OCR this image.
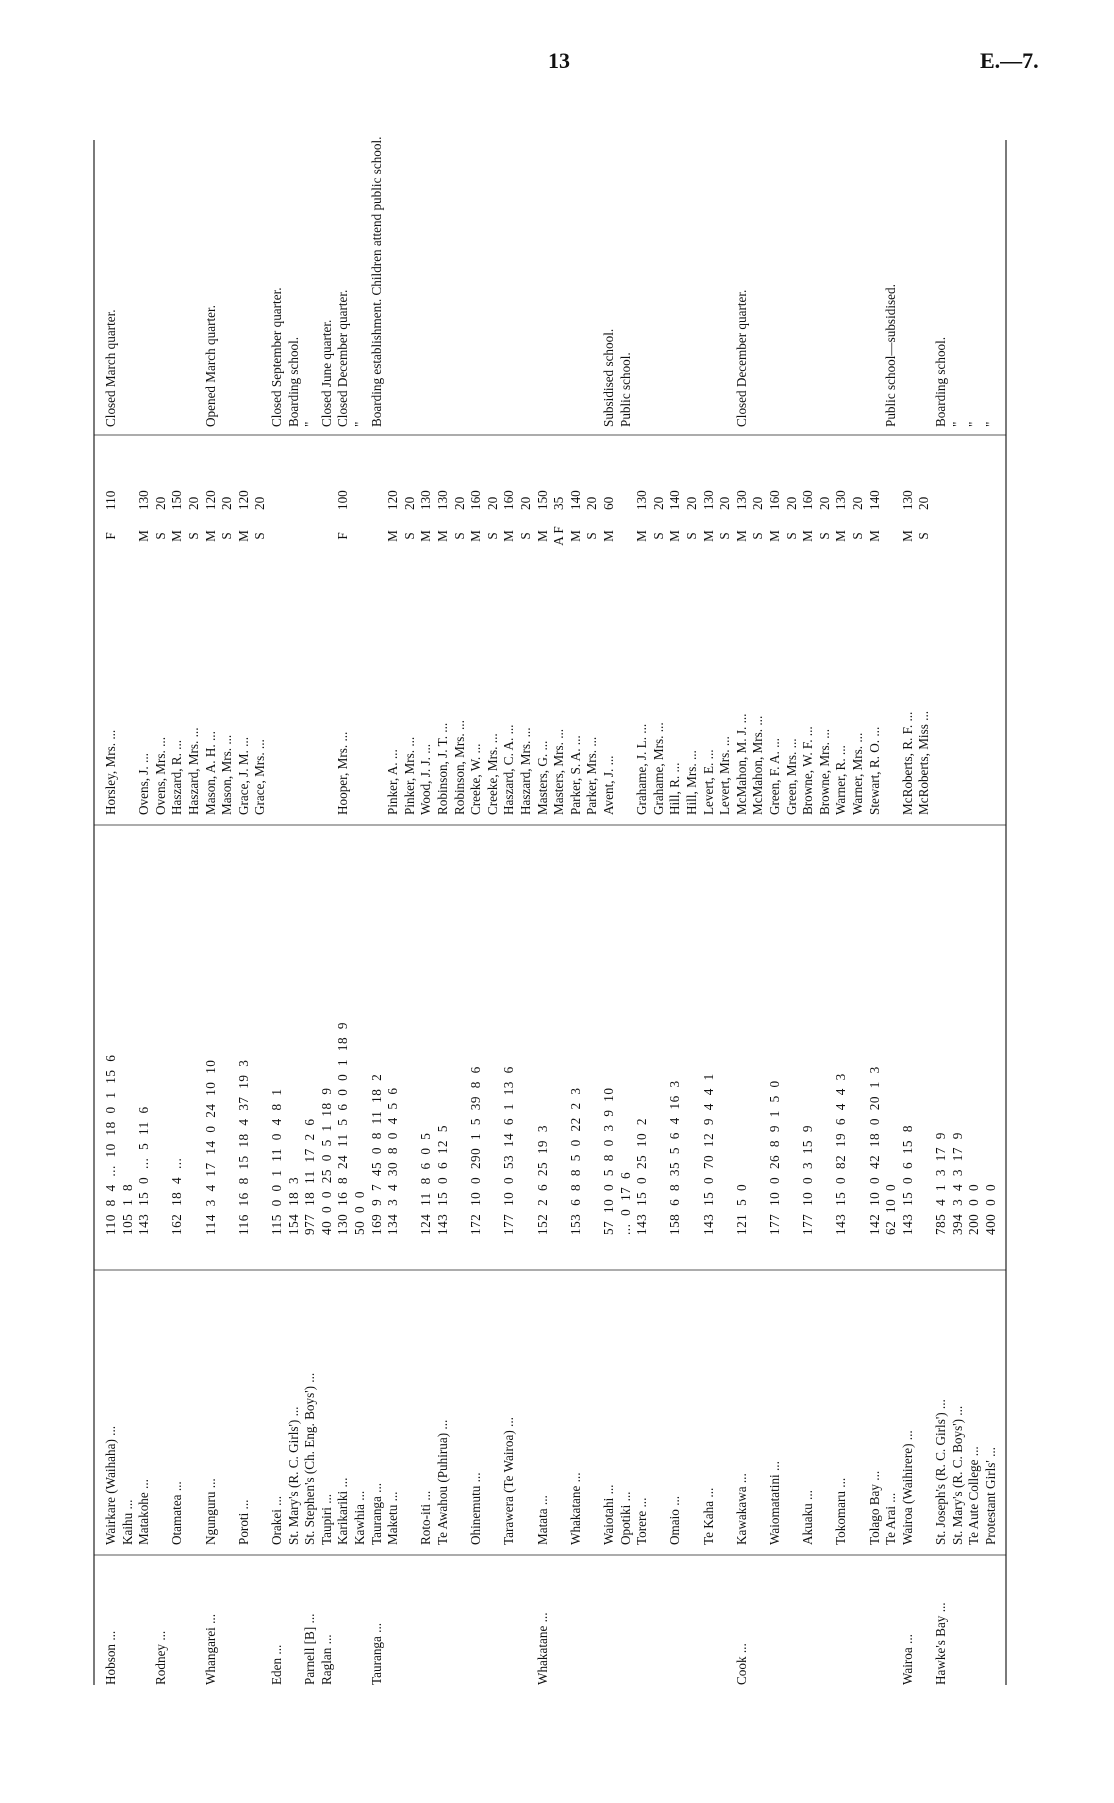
13	E.—7.
Hobson ...
Wairkare (Waihaha) ...
110 8 4 ... 10 18 0 1 15 6
Horsley, Mrs. ...
F
110
Closed March quarter.
Kaihu ...
105 1 8
Matakohe ...
143 15 0 ... 5 11 6
Ovens, J. ...
M
130
Rodney ...
Ovens, Mrs. ...
S
20
Otamatea ...
162 18 4 ...
Haszard, R. ...
M
150
Haszard, Mrs. ...
S
20
Whangarei ...
Ngunguru ...
114 3 4 17 14 0 24 10 10
Mason, A. H. ...
M
120
Opened March quarter.
Mason, Mrs. ...
S
20
Poroti ...
116 16 8 15 18 4 37 19 3
Grace, J. M. ...
M
120
Grace, Mrs. ...
S
20
Eden ...
Orakei ...
115 0 0 1 11 0 4 8 1
Closed September quarter.
St. Mary's (R. C. Girls') ...
154 18 3
Boarding school.
Parnell [B] ...
St. Stephen's (Ch. Eng. Boys') ...
977 18 11 17 2 6
"
Raglan ...
Taupiri ...
40 0 0 25 0 5 1 18 9
Closed June quarter.
Karikariki ...
130 16 8 24 11 5 6 0 0 1 18 9
Hooper, Mrs. ...
F
100
Closed December quarter.
Kawhia ...
50 0 0
"
Tauranga ...
Tauranga ...
169 9 7 45 0 8 11 18 2
Boarding establishment. Children attend public school.
Maketu ...
134 3 4 30 8 0 4 5 6
Pinker, A. ...
M
120
Pinker, Mrs. ...
S
20
Roto-iti ...
124 11 8 6 0 5
Wood, J. J. ...
M
130
Te Awahou (Puhirua) ...
143 15 0 6 12 5
Robinson, J. T. ...
M
130
Robinson, Mrs. ...
S
20
Ohinemutu ...
172 10 0 290 1 5 39 8 6
Creeke, W. ...
M
160
Creeke, Mrs. ...
S
20
Tarawera (Te Wairoa) ...
177 10 0 53 14 6 1 13 6
Haszard, C. A. ...
M
160
Haszard, Mrs. ...
S
20
Whakatane ...
Matata ...
152 2 6 25 19 3
Masters, G. ...
M
150
Masters, Mrs. ...
A F
35
Whakatane ...
153 6 8 8 5 0 22 2 3
Parker, S. A. ...
M
140
Parker, Mrs. ...
S
20
Waiotahi ...
57 10 0 5 8 0 3 9 10
Avent, J. ...
M
60
Subsidised school.
Opotiki ...
... 0 17 6
Public school.
Torere ...
143 15 0 25 10 2
Grahame, J. L. ...
M
130
Grahame, Mrs. ...
S
20
Omaio ...
158 6 8 35 5 6 4 16 3
Hill, R. ...
M
140
Hill, Mrs. ...
S
20
Te Kaha ...
143 15 0 70 12 9 4 4 1
Levert, E. ...
M
130
Levert, Mrs. ...
S
20
Cook ...
Kawakawa ...
121 5 0
McMahon, M. J. ...
M
130
Closed December quarter.
McMahon, Mrs. ...
S
20
Waiomatatini ...
177 10 0 26 8 9 1 5 0
Green, F. A. ...
M
160
Green, Mrs. ...
S
20
Akuaku ...
177 10 0 3 15 9
Browne, W. F. ...
M
160
Browne, Mrs. ...
S
20
Tokomaru ...
143 15 0 82 19 6 4 4 3
Warner, R. ...
M
130
Warner, Mrs. ...
S
20
Tolago Bay ...
142 10 0 42 18 0 20 1 3
Stewart, R. O. ...
M
140
Te Arai ...
62 10 0
Public school—subsidised.
Wairoa ...
Wairoa (Waihirere) ...
143 15 0 6 15 8
McRoberts, R. F. ...
M
130
McRoberts, Miss ...
S
20
Hawke's Bay ...
St. Joseph's (R. C. Girls') ...
785 4 1 3 17 9
Boarding school.
St. Mary's (R. C. Boys') ...
394 3 4 3 17 9
"
Te Aute College ...
200 0 0
"
Protestant Girls' ...
400 0 0
"
